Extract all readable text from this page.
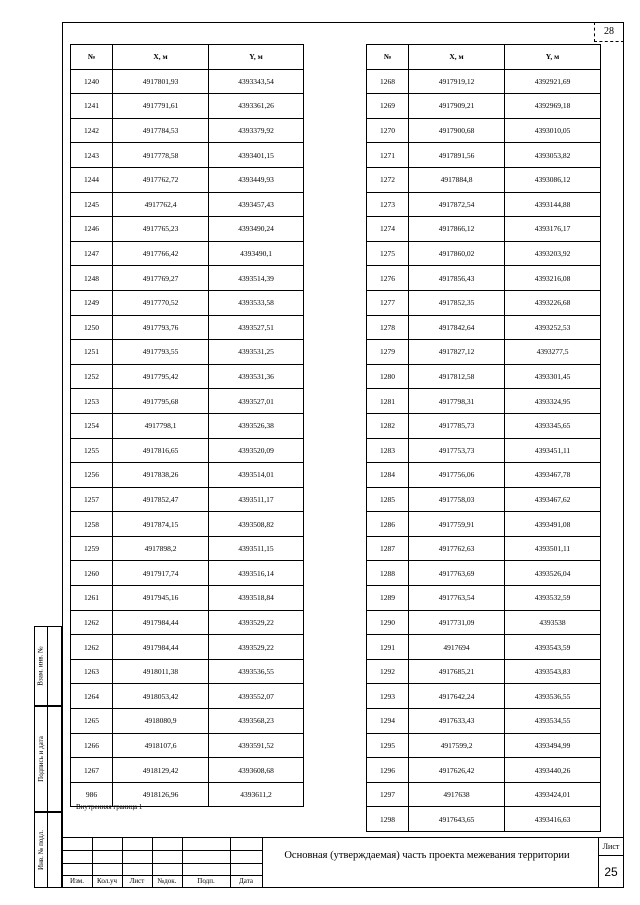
28
№	X, м	Y, м
1240	4917801,93	4393343,54
1241	4917791,61	4393361,26
1242	4917784,53	4393379,92
1243	4917778,58	4393401,15
1244	4917762,72	4393449,93
1245	4917762,4	4393457,43
1246	4917765,23	4393490,24
1247	4917766,42	4393490,1
1248	4917769,27	4393514,39
1249	4917770,52	4393533,58
1250	4917793,76	4393527,51
1251	4917793,55	4393531,25
1252	4917795,42	4393531,36
1253	4917795,68	4393527,01
1254	4917798,1	4393526,38
1255	4917816,65	4393520,09
1256	4917838,26	4393514,01
1257	4917852,47	4393511,17
1258	4917874,15	4393508,82
1259	4917898,2	4393511,15
1260	4917917,74	4393516,14
1261	4917945,16	4393518,84
1262	4917984,44	4393529,22
1262	4917984,44	4393529,22
1263	4918011,38	4393536,55
1264	4918053,42	4393552,07
1265	4918080,9	4393568,23
1266	4918107,6	4393591,52
1267	4918129,42	4393608,68
986	4918126,96	4393611,2
Внутренняя граница 1
№	X, м	Y, м
1268	4917919,12	4392921,69
1269	4917909,21	4392969,18
1270	4917900,68	4393010,05
1271	4917891,56	4393053,82
1272	4917884,8	4393086,12
1273	4917872,54	4393144,88
1274	4917866,12	4393176,17
1275	4917860,02	4393203,92
1276	4917856,43	4393216,08
1277	4917852,35	4393226,68
1278	4917842,64	4393252,53
1279	4917827,12	4393277,5
1280	4917812,58	4393301,45
1281	4917798,31	4393324,95
1282	4917785,73	4393345,65
1283	4917753,73	4393451,11
1284	4917756,06	4393467,78
1285	4917758,03	4393467,62
1286	4917759,91	4393491,08
1287	4917762,63	4393501,11
1288	4917763,69	4393526,04
1289	4917763,54	4393532,59
1290	4917731,09	4393538
1291	4917694	4393543,59
1292	4917685,21	4393543,83
1293	4917642,24	4393536,55
1294	4917633,43	4393534,55
1295	4917599,2	4393494,99
1296	4917626,42	4393440,26
1297	4917638	4393424,01
1298	4917643,65	4393416,63
Взам. инв. №
Подпись и дата
Инв. № подл.
Изм.	Кол.уч	Лист	№док.	Подп.	Дата
Основная (утверждаемая) часть проекта межевания территории
Лист
25
